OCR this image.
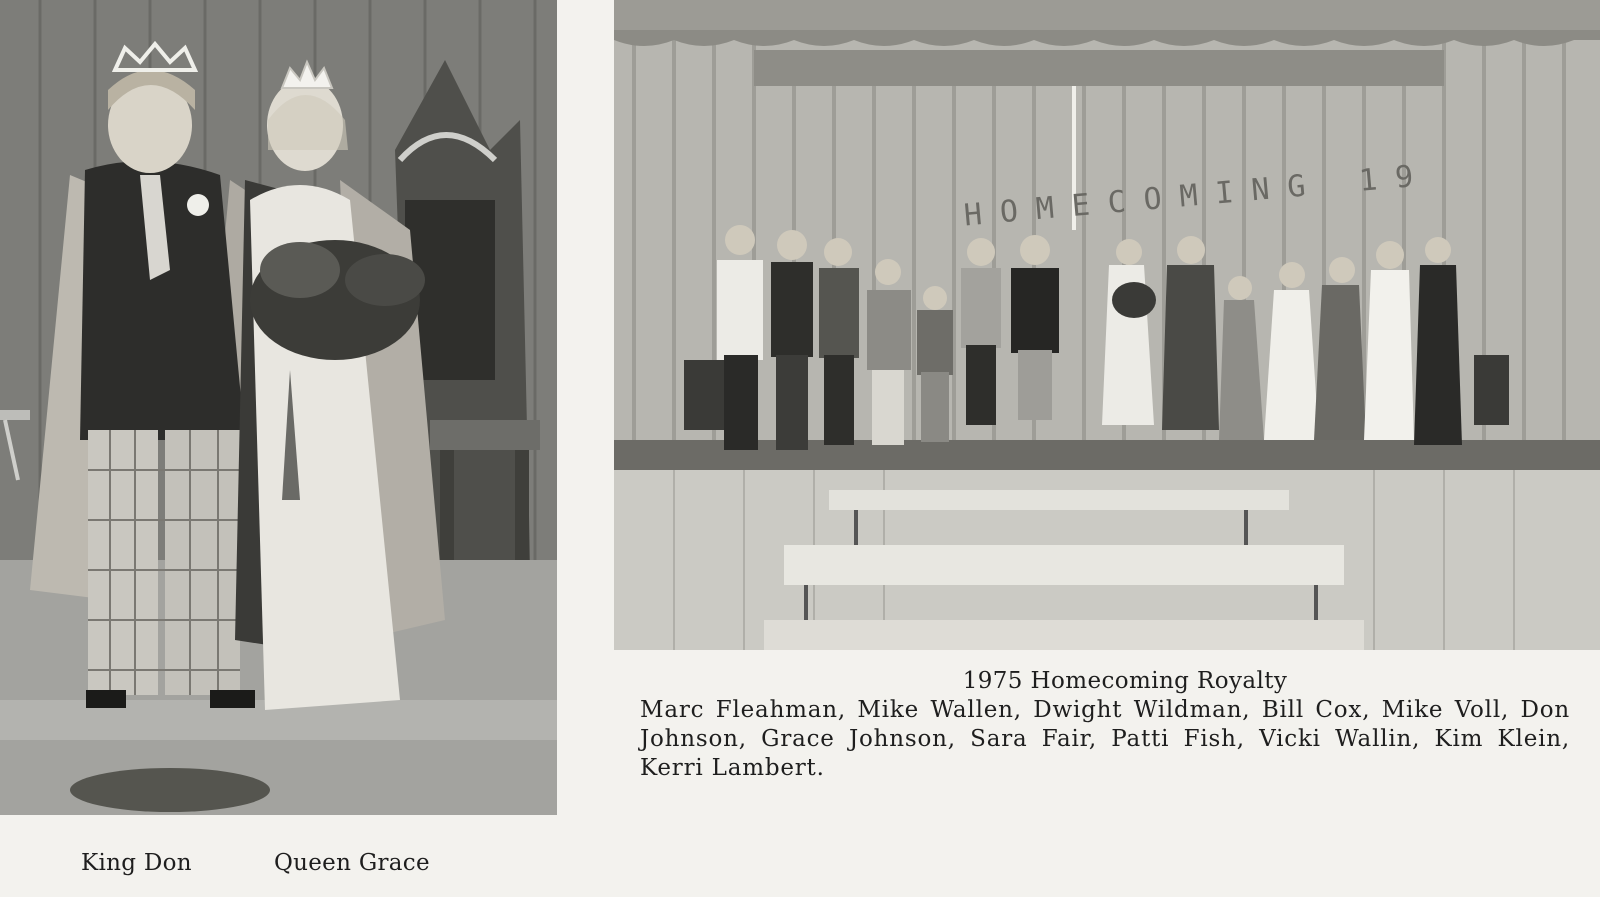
HOMECOMING 19
King Don	Queen Grace

1975 Homecoming Royalty

Marc Fleahman, Mike Wallen, Dwight Wildman, Bill Cox, Mike Voll, Don Johnson, Grace Johnson, Sara Fair, Patti Fish, Vicki Wallin, Kim Klein, Kerri Lambert.
